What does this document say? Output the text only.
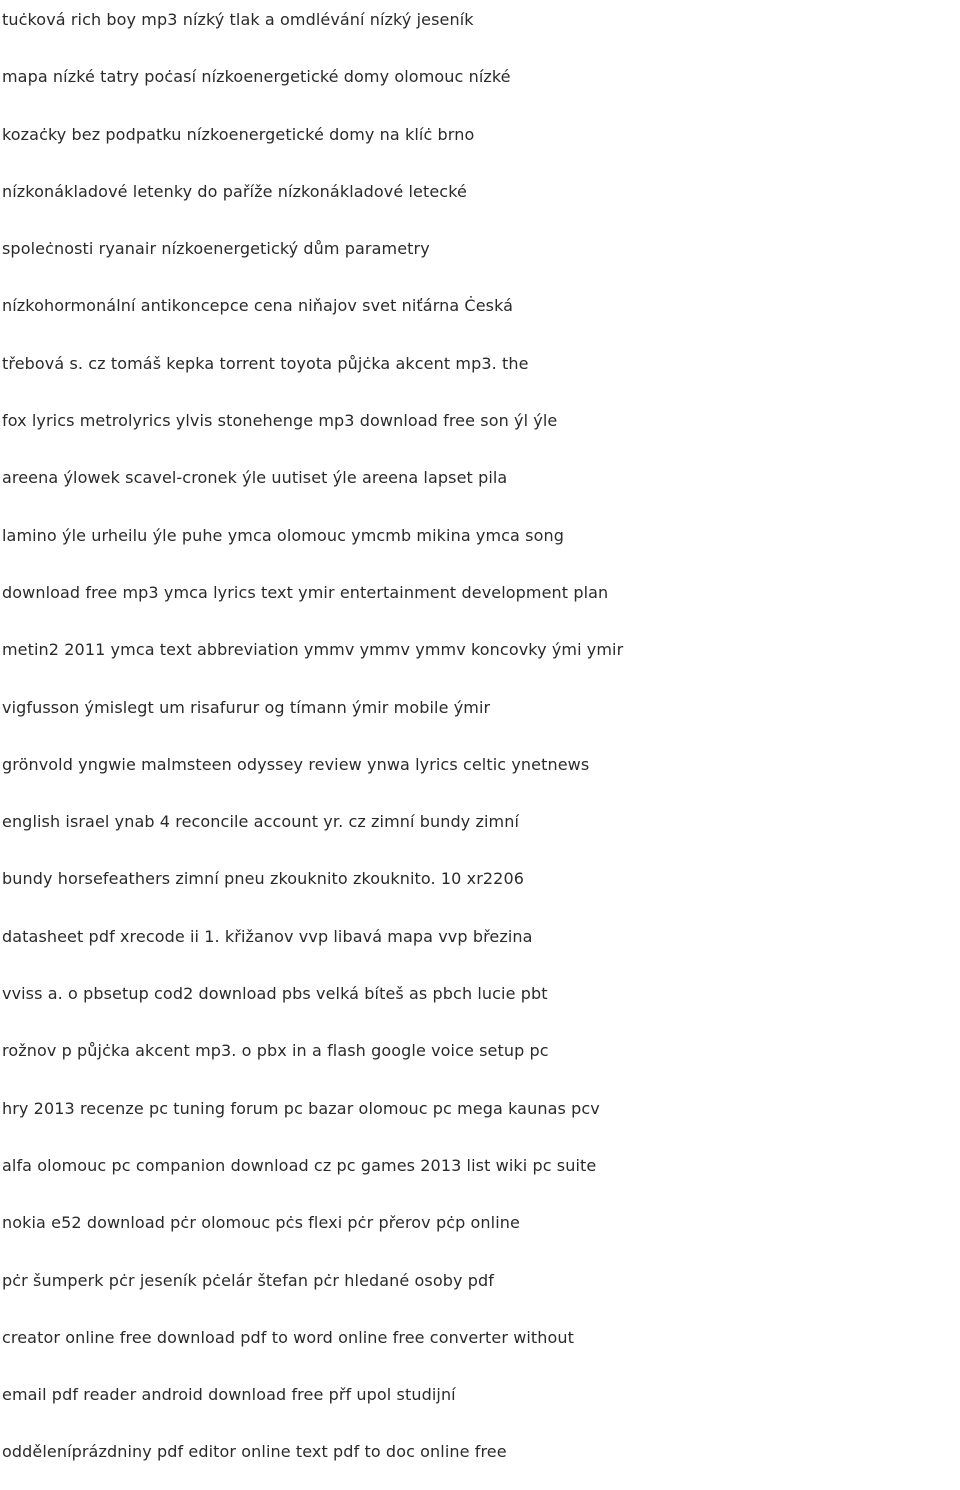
tuċková rich boy mp3 nízký tlak a omdlévání nízký jeseník
mapa nízké tatry poċasí nízkoenergetické domy olomouc nízké
kozaċky bez podpatku nízkoenergetické domy na klíċ brno
nízkonákladové letenky do paříže nízkonákladové letecké
spoleċnosti ryanair nízkoenergetický dům parametry
nízkohormonální antikoncepce cena niňajov svet niťárna Ċeská
třebová s. cz tomáš kepka torrent toyota půjċka akcent mp3. the
fox lyrics metrolyrics ylvis stonehenge mp3 download free son ýl ýle
areena ýlowek scavel-cronek ýle uutiset ýle areena lapset pila
lamino ýle urheilu ýle puhe ymca olomouc ymcmb mikina ymca song
download free mp3 ymca lyrics text ymir entertainment development plan
metin2 2011 ymca text abbreviation ymmv ymmv ymmv koncovky ými ymir
vigfusson ýmislegt um risafurur og tímann ýmir mobile ýmir
grönvold yngwie malmsteen odyssey review ynwa lyrics celtic ynetnews
english israel ynab 4 reconcile account yr. cz zimní bundy zimní
bundy horsefeathers zimní pneu zkouknito zkouknito. 10 xr2206
datasheet pdf xrecode ii 1. křižanov vvp libavá mapa vvp březina
vviss a. o pbsetup cod2 download pbs velká bíteš as pbch lucie pbt
rožnov p půjċka akcent mp3. o pbx in a flash google voice setup pc
hry 2013 recenze pc tuning forum pc bazar olomouc pc mega kaunas pcv
alfa olomouc pc companion download cz pc games 2013 list wiki pc suite
nokia e52 download pċr olomouc pċs flexi pċr přerov pċp online
pċr šumperk pċr jeseník pċelár štefan pċr hledané osoby pdf
creator online free download pdf to word online free converter without
email pdf reader android download free přf upol studijní
odděleníprázdniny pdf editor online text pdf to doc online free
